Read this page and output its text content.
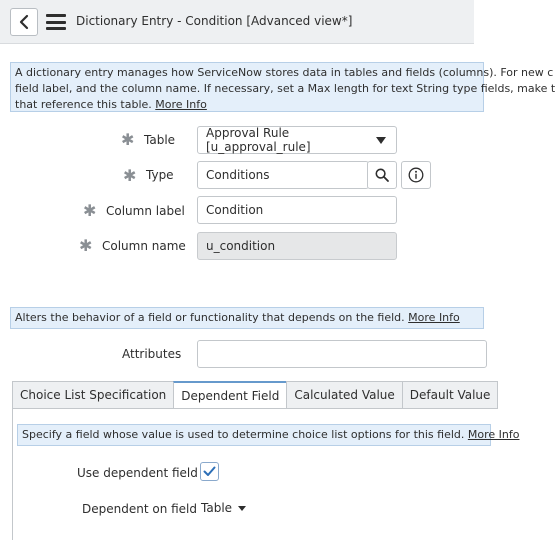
Dictionary Entry - Condition [Advanced view*]
A dictionary entry manages how ServiceNow stores data in tables and fields (columns). For new c
field label, and the column name. If necessary, set a Max length for text String type fields, make t
that reference this table. More Info
✱ Table	Approval Rule [u_approval_rule]
✱ Type	Conditions
✱ Column label Condition
✱ Column name u_condition
Alters the behavior of a field or functionality that depends on the field. More Info
Attributes
Choice List Specification Dependent Field Calculated Value Default Value
Specify a field whose value is used to determine choice list options for this field. More Info
Use dependent field
Dependent on field Table
